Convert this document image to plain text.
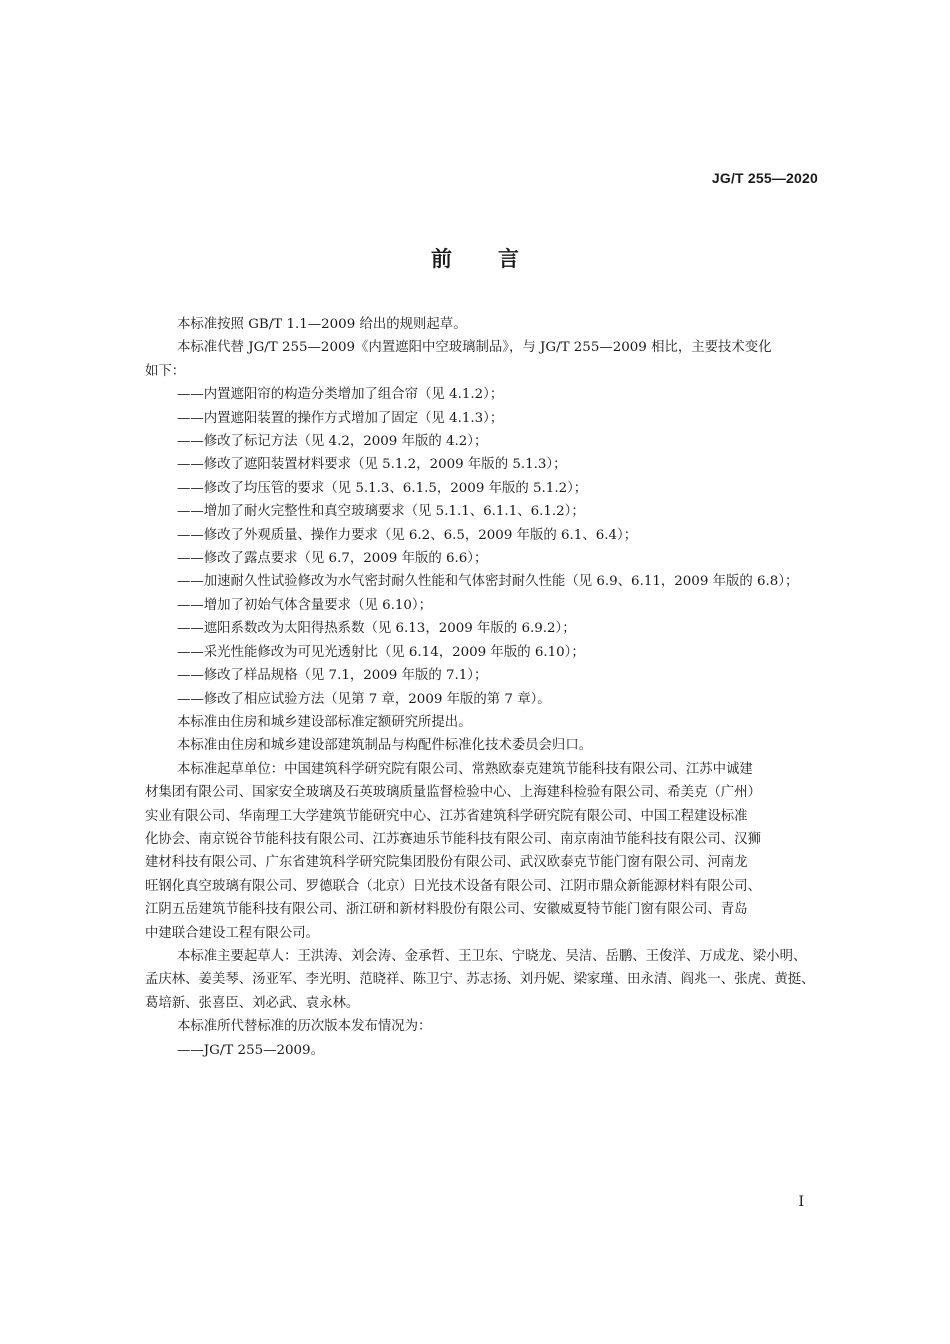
JG/T 255—2020
前 言

本标准按照 GB/T 1.1—2009 给出的规则起草。

本标准代替 JG/T 255—2009《内置遮阳中空玻璃制品》，与 JG/T 255—2009 相比，主要技术变化

如下：

——内置遮阳帘的构造分类增加了组合帘（见 4.1.2）；

——内置遮阳装置的操作方式增加了固定（见 4.1.3）；

——修改了标记方法（见 4.2，2009 年版的 4.2）；

——修改了遮阳装置材料要求（见 5.1.2，2009 年版的 5.1.3）；

——修改了均压管的要求（见 5.1.3、6.1.5，2009 年版的 5.1.2）；

——增加了耐火完整性和真空玻璃要求（见 5.1.1、6.1.1、6.1.2）；

——修改了外观质量、操作力要求（见 6.2、6.5，2009 年版的 6.1、6.4）；

——修改了露点要求（见 6.7，2009 年版的 6.6）；

——加速耐久性试验修改为水气密封耐久性能和气体密封耐久性能（见 6.9、6.11，2009 年版的 6.8）；

——增加了初始气体含量要求（见 6.10）；

——遮阳系数改为太阳得热系数（见 6.13，2009 年版的 6.9.2）；

——采光性能修改为可见光透射比（见 6.14，2009 年版的 6.10）；

——修改了样品规格（见 7.1，2009 年版的 7.1）；

——修改了相应试验方法（见第 7 章，2009 年版的第 7 章）。

本标准由住房和城乡建设部标准定额研究所提出。

本标准由住房和城乡建设部建筑制品与构配件标准化技术委员会归口。

本标准起草单位：中国建筑科学研究院有限公司、常熟欧泰克建筑节能科技有限公司、江苏中诚建

材集团有限公司、国家安全玻璃及石英玻璃质量监督检验中心、上海建科检验有限公司、希美克（广州）

实业有限公司、华南理工大学建筑节能研究中心、江苏省建筑科学研究院有限公司、中国工程建设标准

化协会、南京锐谷节能科技有限公司、江苏赛迪乐节能科技有限公司、南京南油节能科技有限公司、汉狮

建材科技有限公司、广东省建筑科学研究院集团股份有限公司、武汉欧泰克节能门窗有限公司、河南龙

旺钢化真空玻璃有限公司、罗德联合（北京）日光技术设备有限公司、江阴市鼎众新能源材料有限公司、

江阴五岳建筑节能科技有限公司、浙江研和新材料股份有限公司、安徽威夏特节能门窗有限公司、青岛

中建联合建设工程有限公司。

本标准主要起草人：王洪涛、刘会涛、金承哲、王卫东、宁晓龙、吴洁、岳鹏、王俊洋、万成龙、梁小明、

孟庆林、姜美琴、汤亚军、李光明、范晓祥、陈卫宁、苏志扬、刘丹妮、梁家瑾、田永清、阎兆一、张虎、黄挺、

葛培新、张喜臣、刘必武、袁永林。

本标准所代替标准的历次版本发布情况为：

——JG/T 255—2009。

I
